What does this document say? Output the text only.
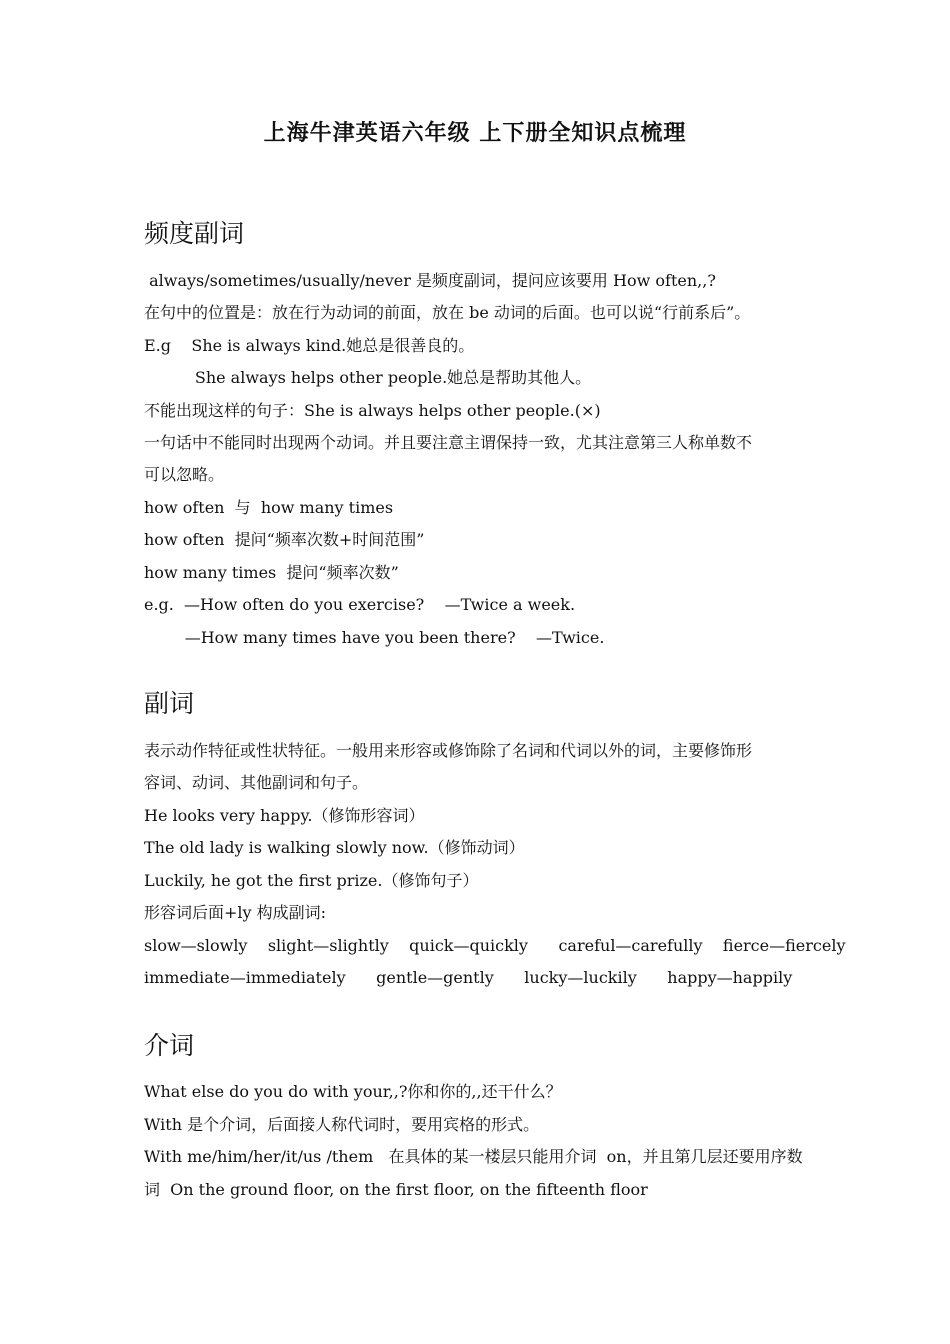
上海牛津英语六年级 上下册全知识点梳理
频度副词
always/sometimes/usually/never 是频度副词，提问应该要用 How often,,?
在句中的位置是：放在行为动词的前面，放在 be 动词的后面。也可以说“行前系后”。
E.g    She is always kind.她总是很善良的。
She always helps other people.她总是帮助其他人。
不能出现这样的句子：She is always helps other people.(×)
一句话中不能同时出现两个动词。并且要注意主谓保持一致，尤其注意第三人称单数不
可以忽略。
how often  与  how many times
how often  提问“频率次数+时间范围”
how many times  提问“频率次数”
e.g.  —How often do you exercise?    —Twice a week.
—How many times have you been there?    —Twice.
副词
表示动作特征或性状特征。一般用来形容或修饰除了名词和代词以外的词，主要修饰形
容词、动词、其他副词和句子。
He looks very happy.（修饰形容词）
The old lady is walking slowly now.（修饰动词）
Luckily, he got the first prize.（修饰句子）
形容词后面+ly 构成副词:
slow—slowly    slight—slightly    quick—quickly      careful—carefully    fierce—fiercely
immediate—immediately      gentle—gently      lucky—luckily      happy—happily
介词
What else do you do with your,,?你和你的,,还干什么？
With 是个介词，后面接人称代词时，要用宾格的形式。
With me/him/her/it/us /them   在具体的某一楼层只能用介词  on，并且第几层还要用序数
词  On the ground floor, on the first floor, on the fifteenth floor
